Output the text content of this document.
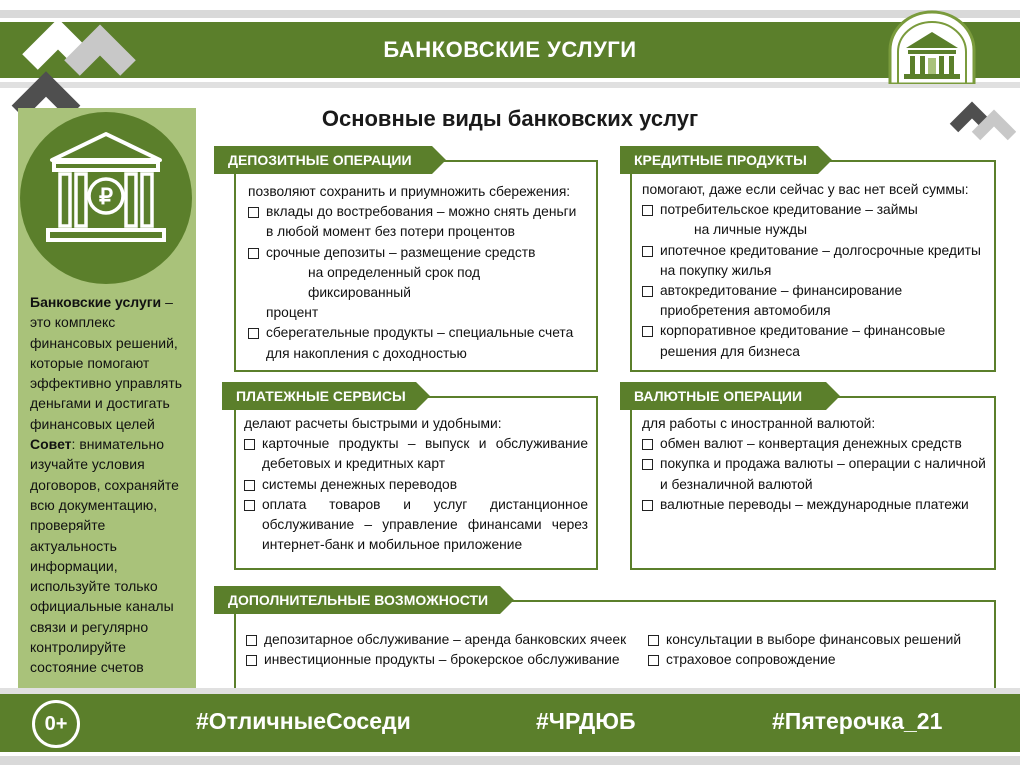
БАНКОВСКИЕ УСЛУГИ
Основные виды банковских услуг
₽
Банковские услуги – это комплекс финансовых решений, которые помогают эффективно управлять деньгами и достигать финансовых целей
Совет: внимательно изучайте условия договоров, сохраняйте всю документацию, проверяйте актуальность информации, используйте только официальные каналы связи и регулярно контролируйте состояние счетов
ДЕПОЗИТНЫЕ ОПЕРАЦИИ
позволяют сохранить и приумножить сбережения:
вклады до востребования – можно снять деньги в любой момент без потери процентов
срочные депозиты – размещение средств
на определенный срок под фиксированный
процент
сберегательные продукты – специальные счета для накопления с доходностью
КРЕДИТНЫЕ ПРОДУКТЫ
помогают, даже если сейчас у вас нет всей суммы:
потребительское кредитование – займы
на личные нужды
ипотечное кредитование – долгосрочные кредиты на покупку жилья
автокредитование – финансирование приобретения автомобиля
корпоративное кредитование – финансовые решения для бизнеса
ПЛАТЕЖНЫЕ СЕРВИСЫ
делают расчеты быстрыми и удобными:
карточные продукты – выпуск и обслуживание дебетовых и кредитных карт
системы денежных переводов
оплата товаров и услуг дистанционное обслуживание – управление финансами через интернет-банк и мобильное приложение
ВАЛЮТНЫЕ ОПЕРАЦИИ
для работы с иностранной валютой:
обмен валют – конвертация денежных средств
покупка и продажа валюты – операции с наличной и безналичной валютой
валютные переводы – международные платежи
ДОПОЛНИТЕЛЬНЫЕ ВОЗМОЖНОСТИ
депозитарное обслуживание – аренда банковских ячеек
инвестиционные продукты – брокерское обслуживание
консультации в выборе финансовых решений
страховое сопровождение
0+	#ОтличныеСоседи	#ЧРДЮБ	#Пятерочка_21
